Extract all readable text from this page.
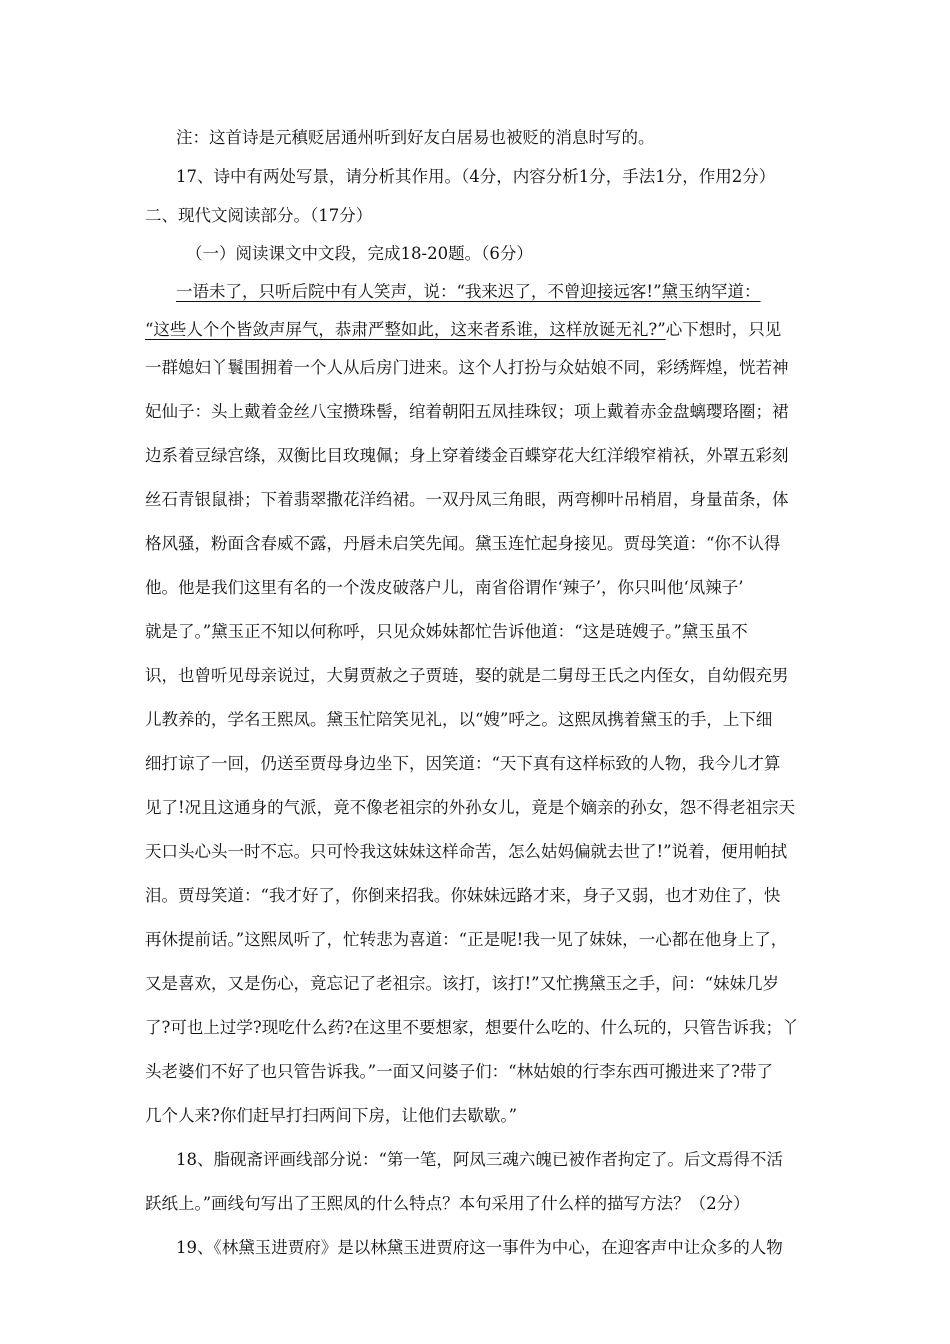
注：这首诗是元稹贬居通州听到好友白居易也被贬的消息时写的。
17、诗中有两处写景，请分析其作用。（4分，内容分析1分，手法1分，作用2分）
二、现代文阅读部分。（17分）
（一）阅读课文中文段，完成18-20题。（6分）
一语未了，只听后院中有人笑声，说：“我来迟了，不曾迎接远客!”黛玉纳罕道：
“这些人个个皆敛声屏气，恭肃严整如此，这来者系谁，这样放诞无礼?”心下想时，只见
一群媳妇丫鬟围拥着一个人从后房门进来。这个人打扮与众姑娘不同，彩绣辉煌，恍若神
妃仙子：头上戴着金丝八宝攒珠髻，绾着朝阳五凤挂珠钗；项上戴着赤金盘螭璎珞圈；裙
边系着豆绿宫绦，双衡比目玫瑰佩；身上穿着缕金百蝶穿花大红洋缎窄褃袄，外罩五彩刻
丝石青银鼠褂；下着翡翠撒花洋绉裙。一双丹凤三角眼，两弯柳叶吊梢眉，身量苗条，体
格风骚，粉面含春威不露，丹唇未启笑先闻。黛玉连忙起身接见。贾母笑道：“你不认得
他。他是我们这里有名的一个泼皮破落户儿，南省俗谓作‘辣子’，你只叫他‘凤辣子’
就是了。”黛玉正不知以何称呼，只见众姊妹都忙告诉他道：“这是琏嫂子。”黛玉虽不
识，也曾听见母亲说过，大舅贾赦之子贾琏，娶的就是二舅母王氏之内侄女，自幼假充男
儿教养的，学名王熙凤。黛玉忙陪笑见礼，以“嫂”呼之。这熙凤携着黛玉的手，上下细
细打谅了一回，仍送至贾母身边坐下，因笑道：“天下真有这样标致的人物，我今儿才算
见了!况且这通身的气派，竟不像老祖宗的外孙女儿，竟是个嫡亲的孙女，怨不得老祖宗天
天口头心头一时不忘。只可怜我这妹妹这样命苦，怎么姑妈偏就去世了!”说着，便用帕拭
泪。贾母笑道：“我才好了，你倒来招我。你妹妹远路才来，身子又弱，也才劝住了，快
再休提前话。”这熙凤听了，忙转悲为喜道：“正是呢!我一见了妹妹，一心都在他身上了，
又是喜欢，又是伤心，竟忘记了老祖宗。该打，该打!”又忙携黛玉之手，问：“妹妹几岁
了?可也上过学?现吃什么药?在这里不要想家，想要什么吃的、什么玩的，只管告诉我；丫
头老婆们不好了也只管告诉我。”一面又问婆子们：“林姑娘的行李东西可搬进来了?带了
几个人来?你们赶早打扫两间下房，让他们去歇歇。”
18、脂砚斋评画线部分说：“第一笔，阿凤三魂六魄已被作者拘定了。后文焉得不活
跃纸上。”画线句写出了王熙凤的什么特点？本句采用了什么样的描写方法？（2分）
19、《林黛玉进贾府》是以林黛玉进贾府这一事件为中心，在迎客声中让众多的人物
